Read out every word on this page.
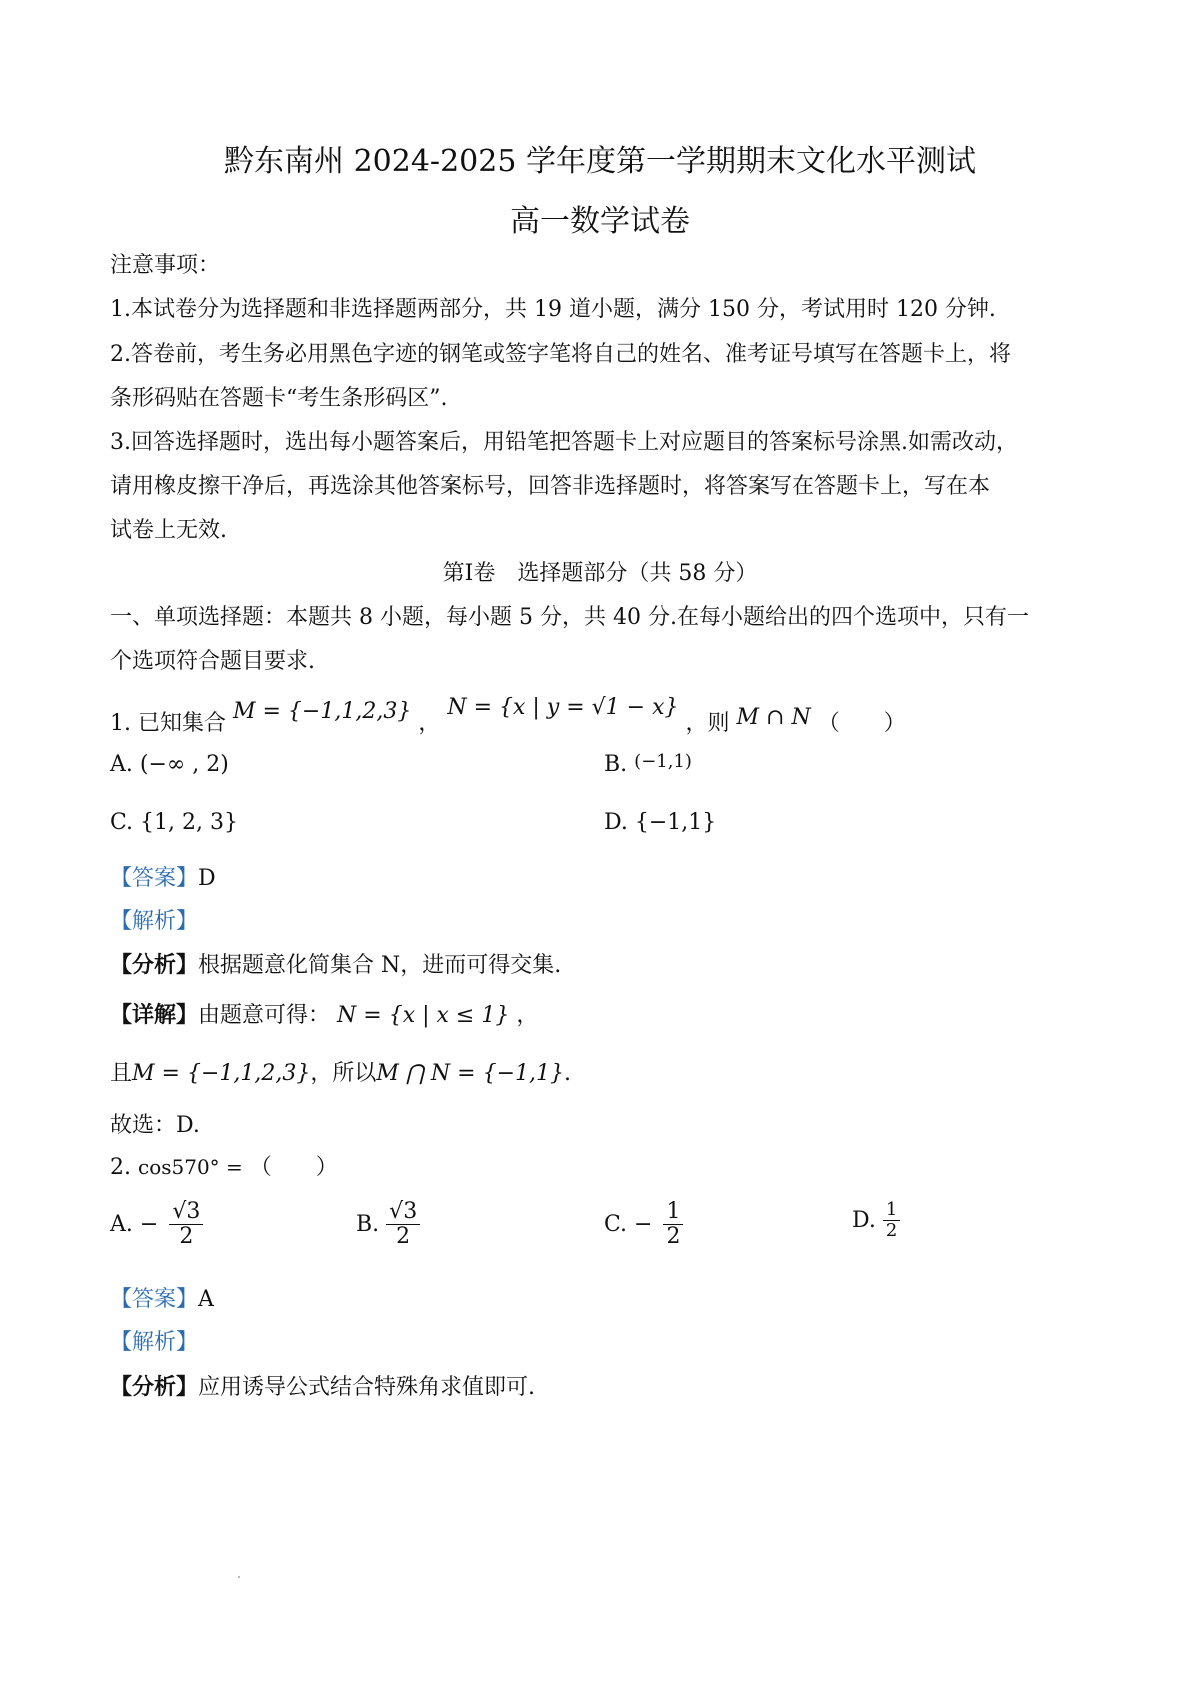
黔东南州 2024-2025 学年度第一学期期末文化水平测试
高一数学试卷
注意事项：
1.本试卷分为选择题和非选择题两部分，共 19 道小题，满分 150 分，考试用时 120 分钟.
2.答卷前，考生务必用黑色字迹的钢笔或签字笔将自己的姓名、准考证号填写在答题卡上，将
条形码贴在答题卡“考生条形码区”.
3.回答选择题时，选出每小题答案后，用铅笔把答题卡上对应题目的答案标号涂黑.如需改动，
请用橡皮擦干净后，再选涂其他答案标号，回答非选择题时，将答案写在答题卡上，写在本
试卷上无效.
第Ⅰ卷　选择题部分（共 58 分）
一、单项选择题：本题共 8 小题，每小题 5 分，共 40 分.在每小题给出的四个选项中，只有一
个选项符合题目要求.
1. 已知集合 M = {−1,1,2,3} ， N = {x | y = √1 − x} ，则 M ∩ N （　　）
A. (−∞ , 2)	B. (−1,1)
C. {1, 2, 3}	D. {−1,1}
【答案】D
【解析】
【分析】根据题意化简集合 N，进而可得交集.
【详解】由题意可得： N = {x | x ≤ 1} ，
且M = {−1,1,2,3}，所以M ⋂ N = {−1,1}.
故选：D.
2. cos570° = （　　）
A. − $\frac{√3}{2}$	B. $\frac{√3}{2}$	C. − $\frac{1}{2}$	D. $\frac{1}{2}$
【答案】A
【解析】
【分析】应用诱导公式结合特殊角求值即可.
